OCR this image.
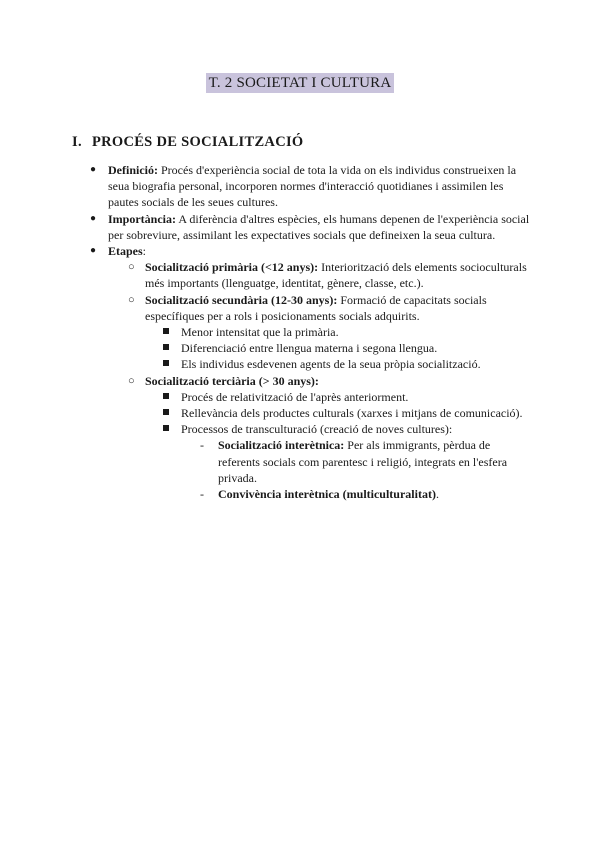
T. 2 SOCIETAT I CULTURA
I. PROCÉS DE SOCIALITZACIÓ
● Definició: Procés d'experiència social de tota la vida on els individus construeixen la seua biografia personal, incorporen normes d'interacció quotidianes i assimilen les pautes socials de les seues cultures.
● Importància: A diferència d'altres espècies, els humans depenen de l'experiència social per sobreviure, assimilant les expectatives socials que defineixen la seua cultura.
● Etapes:
○ Socialització primària (<12 anys): Interiorització dels elements socioculturals més importants (llenguatge, identitat, gènere, classe, etc.).
○ Socialització secundària (12-30 anys): Formació de capacitats socials específiques per a rols i posicionaments socials adquirits.
Menor intensitat que la primària.
Diferenciació entre llengua materna i segona llengua.
Els individus esdevenen agents de la seua pròpia socialització.
○ Socialització terciària (> 30 anys):
Procés de relativització de l'après anteriorment.
Rellevància dels productes culturals (xarxes i mitjans de comunicació).
Processos de transculturació (creació de noves cultures):
- Socialització interètnica: Per als immigrants, pèrdua de referents socials com parentesc i religió, integrats en l'esfera privada.
- Convivència interètnica (multiculturalitat).
